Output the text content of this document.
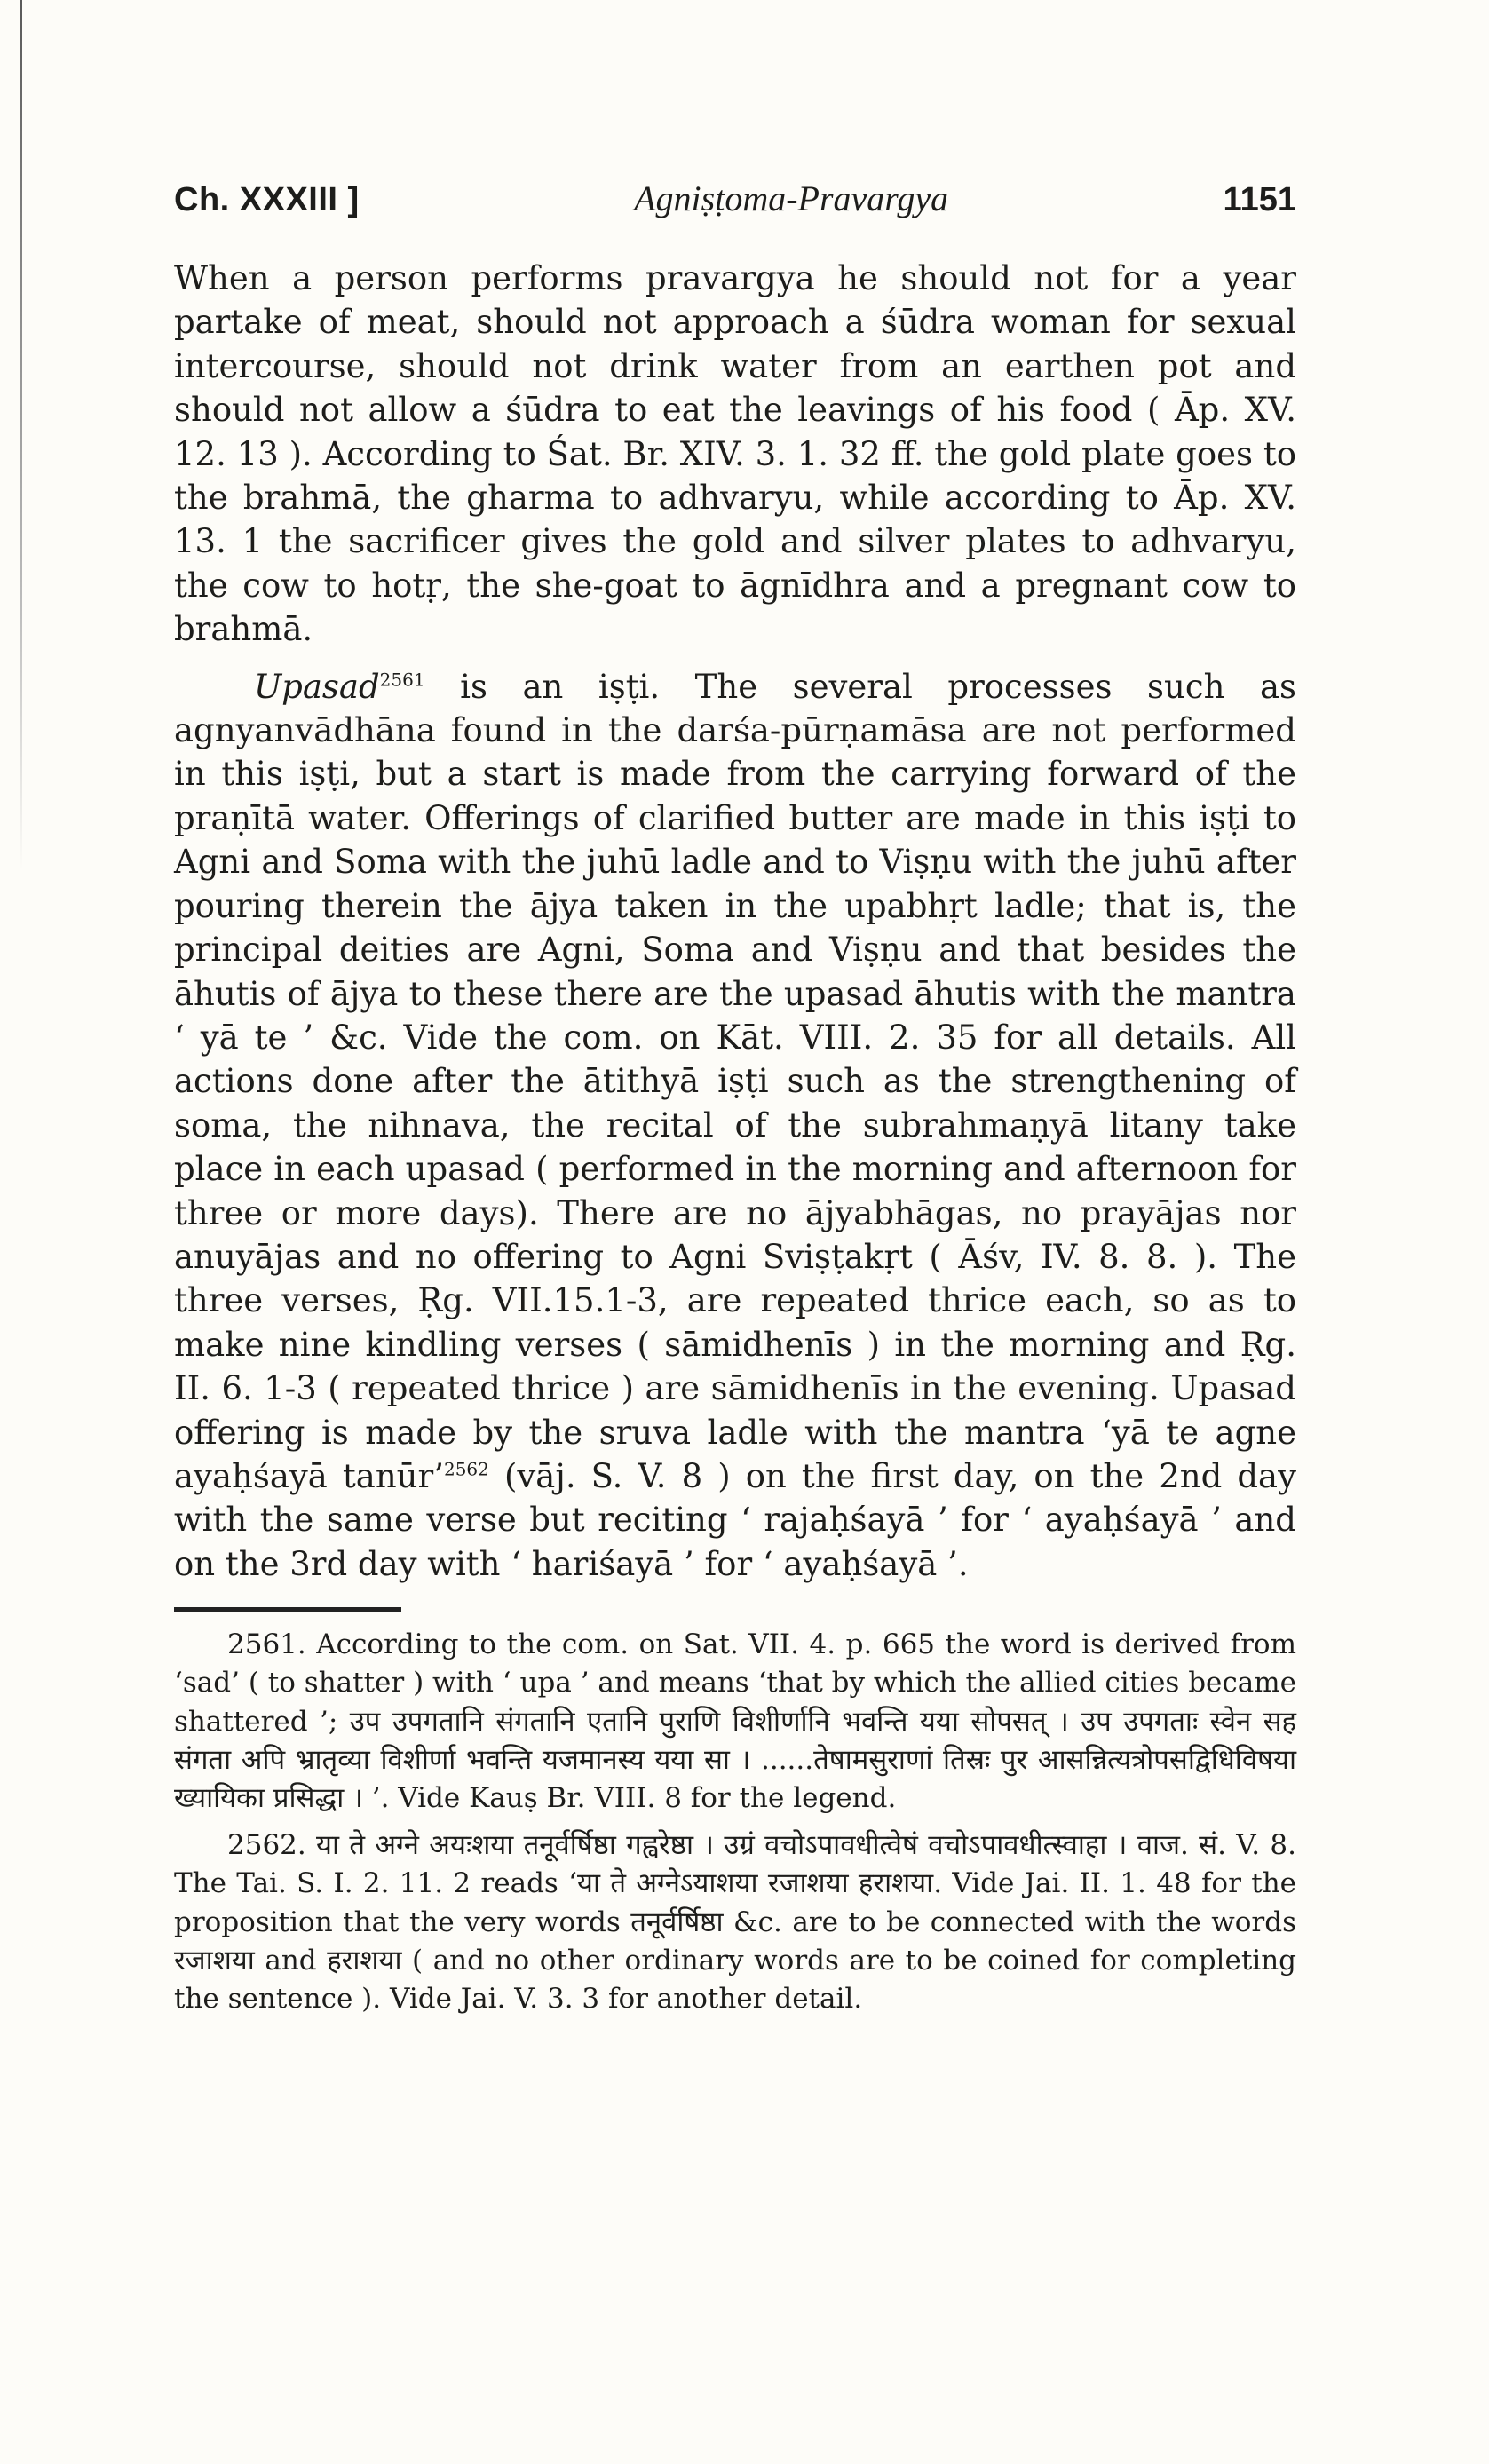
Ch. XXXIII ]	Agniṣṭoma-Pravargya	1151

When a person performs pravargya he should not for a year partake of meat, should not approach a śūdra woman for sexual intercourse, should not drink water from an earthen pot and should not allow a śūdra to eat the leavings of his food ( Āp. XV. 12. 13 ). According to Śat. Br. XIV. 3. 1. 32 ff. the gold plate goes to the brahmā, the gharma to adhvaryu, while according to Āp. XV. 13. 1 the sacrificer gives the gold and silver plates to adhvaryu, the cow to hotṛ, the she-goat to āgnīdhra and a pregnant cow to brahmā.

Upasad$^{2561}$ is an iṣṭi. The several processes such as agnyanvādhāna found in the darśa-pūrṇamāsa are not performed in this iṣṭi, but a start is made from the carrying forward of the praṇītā water. Offerings of clarified butter are made in this iṣṭi to Agni and Soma with the juhū ladle and to Viṣṇu with the juhū after pouring therein the ājya taken in the upabhṛt ladle; that is, the principal deities are Agni, Soma and Viṣṇu and that besides the āhutis of ājya to these there are the upasad āhutis with the mantra ‘ yā te ’ &c. Vide the com. on Kāt. VIII. 2. 35 for all details. All actions done after the ātithyā iṣṭi such as the strengthening of soma, the nihnava, the recital of the subrahmaṇyā litany take place in each upasad ( performed in the morning and afternoon for three or more days). There are no ājyabhāgas, no prayājas nor anuyājas and no offering to Agni Sviṣṭakṛt ( Āśv, IV. 8. 8. ). The three verses, Ṛg. VII.15.1-3, are repeated thrice each, so as to make nine kindling verses ( sāmidhenīs ) in the morning and Ṛg. II. 6. 1-3 ( repeated thrice ) are sāmidhenīs in the evening. Upasad offering is made by the sruva ladle with the mantra ‘yā te agne ayaḥśayā tanūr’$^{2562}$ (vāj. S. V. 8 ) on the first day, on the 2nd day with the same verse but reciting ‘ rajaḥśayā ’ for ‘ ayaḥśayā ’ and on the 3rd day with ‘ hariśayā ’ for ‘ ayaḥśayā ’.

2561. According to the com. on Sat. VII. 4. p. 665 the word is derived from ‘sad’ ( to shatter ) with ‘ upa ’ and means ‘that by which the allied cities became shattered ’; उप उपगतानि संगतानि एतानि पुराणि विशीर्णानि भवन्ति यया सोपसत् । उप उपगताः स्वेन सह संगता अपि भ्रातृव्या विशीर्णा भवन्ति यजमानस्य यया सा । ......तेषामसुराणां तिस्रः पुर आसन्नित्यत्रोपसद्विधिविषया ख्यायिका प्रसिद्धा । ’. Vide Kauṣ Br. VIII. 8 for the legend.

2562. या ते अग्ने अयःशया तनूर्वर्षिष्ठा गह्वरेष्ठा । उग्रं वचोऽपावधीत्वेषं वचोऽपावधीत्स्वाहा । वाज. सं. V. 8. The Tai. S. I. 2. 11. 2 reads ‘या ते अग्नेऽयाशया रजाशया हराशया. Vide Jai. II. 1. 48 for the proposition that the very words तनूर्वर्षिष्ठा &c. are to be connected with the words रजाशया and हराशया ( and no other ordinary words are to be coined for completing the sentence ). Vide Jai. V. 3. 3 for another detail.
